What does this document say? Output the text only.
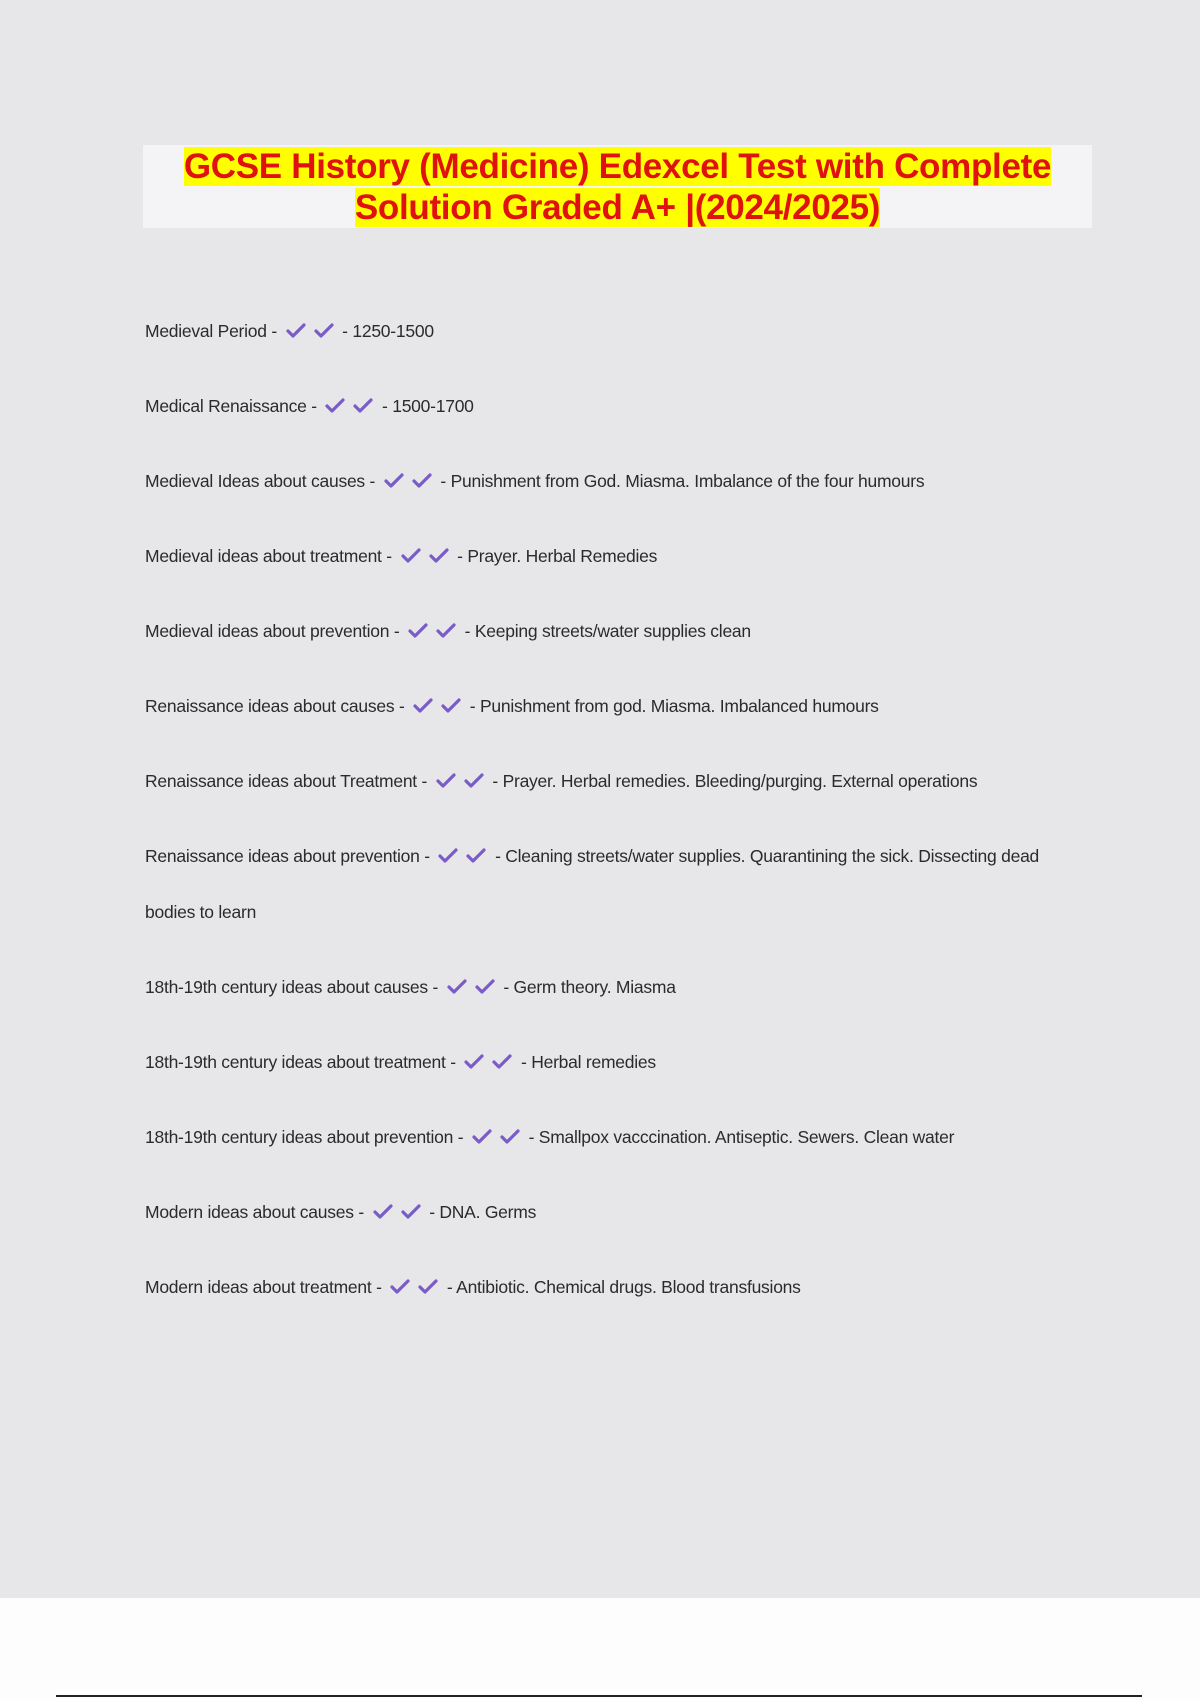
GCSE History (Medicine) Edexcel Test with Complete
Solution Graded A+ |(2024/2025)
Medieval Period -	- 1250-1500
Medical Renaissance -	- 1500-1700
Medieval Ideas about causes -	- Punishment from God. Miasma. Imbalance of the four humours
Medieval ideas about treatment -	- Prayer. Herbal Remedies
Medieval ideas about prevention -	- Keeping streets/water supplies clean
Renaissance ideas about causes -	- Punishment from god. Miasma. Imbalanced humours
Renaissance ideas about Treatment -	- Prayer. Herbal remedies. Bleeding/purging. External operations
Renaissance ideas about prevention -	- Cleaning streets/water supplies. Quarantining the sick. Dissecting dead bodies to learn
18th-19th century ideas about causes -	- Germ theory. Miasma
18th-19th century ideas about treatment -	- Herbal remedies
18th-19th century ideas about prevention -	- Smallpox vacccination. Antiseptic. Sewers. Clean water
Modern ideas about causes -	- DNA. Germs
Modern ideas about treatment -	- Antibiotic. Chemical drugs. Blood transfusions
